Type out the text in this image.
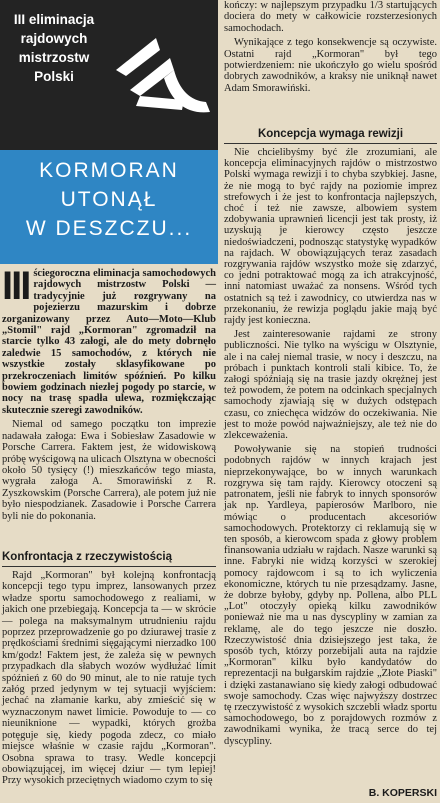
III eliminacja
rajdowych
mistrzostw
Polski
KORMORAN
UTONĄŁ
W DESZCZU...
III ściegoroczna eliminacja samochodowych rajdowych mistrzostw Polski — tradycyjnie już rozgrywany na pojezierzu mazurskim i dobrze zorganizowany przez Auto—Moto—Klub „Stomil" rajd „Kormoran" zgromadził na starcie tylko 43 załogi, ale do mety dobrnęło zaledwie 15 samochodów, z których nie wszystkie zostały sklasyfikowane po przekroczeniach limitów spóźnień. Po kilku bowiem godzinach niezłej pogody po starcie, w nocy na trasę spadła ulewa, rozmiękczając skutecznie szeregi zawodników.

Niemal od samego początku ton imprezie nadawała załoga: Ewa i Sobiesław Zasadowie w Porsche Carrera. Faktem jest, że widowiskową próbę wyścigową na ulicach Olsztyna w obecności około 50 tysięcy (!) mieszkańców tego miasta, wygrała załoga A. Smorawiński z R. Zyszkowskim (Porsche Carrera), ale potem już nie było niespodzianek. Zasadowie i Porsche Carrera byli nie do pokonania.

Konfrontacja z rzeczywistością

Rajd „Kormoran" był kolejną konfrontacją koncepcji tego typu imprez, lansowanych przez władze sportu samochodowego z realiami, w jakich one przebiegają. Koncepcja ta — w skrócie — polega na maksymalnym utrudnieniu rajdu poprzez przeprowadzenie go po dziurawej trasie z prędkościami średnimi sięgającymi nierzadko 100 km/godz! Faktem jest, że zależa się w pewnych przypadkach dla słabych wozów wydłużać limit spóźnień z 60 do 90 minut, ale to nie ratuje tych załóg przed jedynym w tej sytuacji wyjściem: jechać na złamanie karku, aby zmieścić się w wyznaczonym nawet limicie. Powoduje to — co nieuniknione — wypadki, których grożba potęguje się, kiedy pogoda zdecz, co miało miejsce właśnie w czasie rajdu „Kormoran". Osobna sprawa to trasy. Wedle koncepcji obowiązującej, im więcej dziur — tym lepiej! Przy wysokich przeciętnych wiadomo czym to się

kończy: w najlepszym przypadku 1/3 startujących dociera do mety w całkowicie rozsterzesionych samochodach.

Wynikające z tego konsekwencje są oczywiste. Ostatni rajd „Kormoran" był tego potwierdzeniem: nie ukończyło go wielu spośród dobrych zawodników, a kraksy nie uniknął nawet Adam Smorawiński.

Koncepcja wymaga rewizji

Nie chcielibyśmy być źle zrozumiani, ale koncepcja eliminacyjnych rajdów o mistrzostwo Polski wymaga rewizji i to chyba szybkiej. Jasne, że nie mogą to być rajdy na poziomie imprez strefowych i że jest to konfrontacja najlepszych, choć i też nie zawsze, albowiem system zdobywania uprawnień licencji jest tak prosty, iż uzyskują je kierowcy często jeszcze niedoświadczeni, podnosząc statystykę wypadków na rajdach. W obowiązujących teraz zasadach rozgrywania rajdów wszystko może się zdarzyć, co jedni potraktować mogą za ich atrakcyjność, inni natomiast uważać za nonsens. Wśród tych ostatnich są też i zawodnicy, co utwierdza nas w przekonaniu, że rewizja poglądu jakie mają być rajdy jest konieczna.

Jest zainteresowanie rajdami ze strony publiczności. Nie tylko na wyścigu w Olsztynie, ale i na całej niemal trasie, w nocy i deszczu, na próbach i punktach kontroli stali kibice. To, że załogi spóźniają się na trasie jazdy okrężnej jest też powodem, że potem na odcinkach specjalnych samochody zjawiają się w dużych odstępach czasu, co zniechęca widzów do oczekiwania. Nie jest to może powód najważniejszy, ale też nie do zlekceważenia.

Powoływanie się na stopień trudności podobnych rajdów w innych krajach jest nieprzekonywające, bo w innych warunkach rozgrywa się tam rajdy. Kierowcy otoczeni są patronatem, jeśli nie fabryk to innych sponsorów jak np. Yardleya, papierosów Marlboro, nie mówiąc o producentach akcesoriów samochodowych. Protektorzy ci reklamują się w ten sposób, a kierowcom spada z głowy problem finansowania udziału w rajdach. Nasze warunki są inne. Fabryki nie widzą korzyści w szerokiej pomocy rajdowcom i są to ich wyliczenia ekonomiczne, których tu nie przesądzamy. Jasne, że dobrze byłoby, gdyby np. Pollena, albo PLL „Lot" otoczyły opieką kilku zawodników ponieważ nie ma u nas dyscypliny w zamian za reklamę, ale do tego jeszcze nie doszło. Rzeczywistość dnia dzisiejszego jest taka, że sposób tych, którzy porzebijali auta na rajdzie „Kormoran" kilku było kandydatów do reprezentacji na bułgarskim rajdzie „Złote Piaski" i dzięki zastanawiano się kiedy załogi odbudować swoje samochody. Czas więc najwyższy dostrzec tę rzeczywistość z wysokich szczebli władz sportu samochodowego, bo z porajdowych rozmów z zawodnikami wynika, że tracą serce do tej dyscypliny.

B. KOPERSKI
